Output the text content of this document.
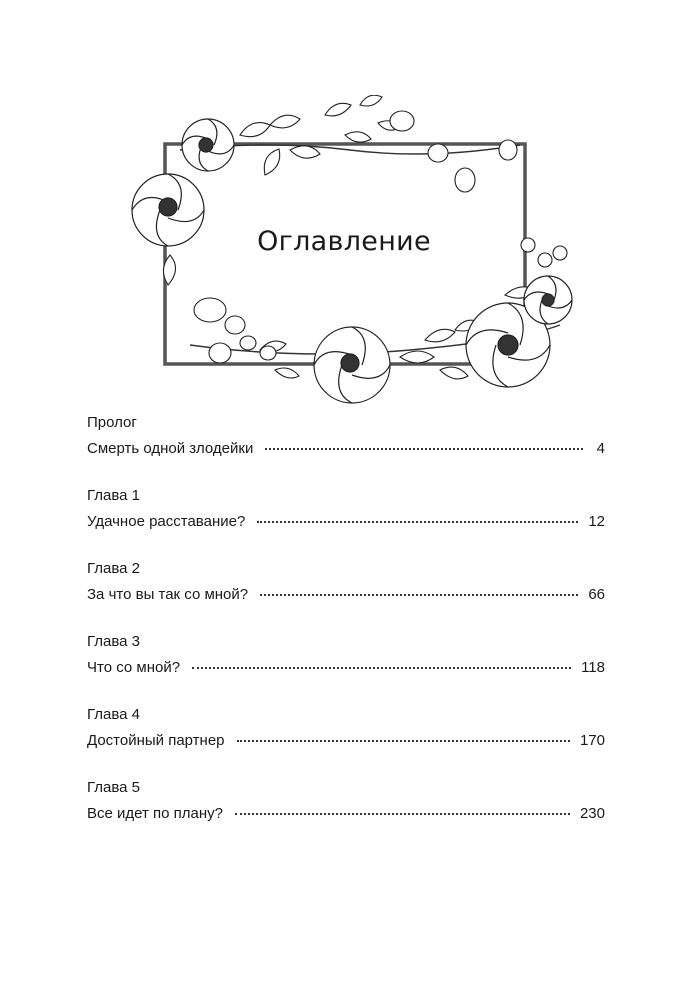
Оглавление
Пролог
Смерть одной злодейки	4
Глава 1
Удачное расставание?	12
Глава 2
За что вы так со мной?	66
Глава 3
Что со мной?	118
Глава 4
Достойный партнер	170
Глава 5
Все идет по плану?	230
